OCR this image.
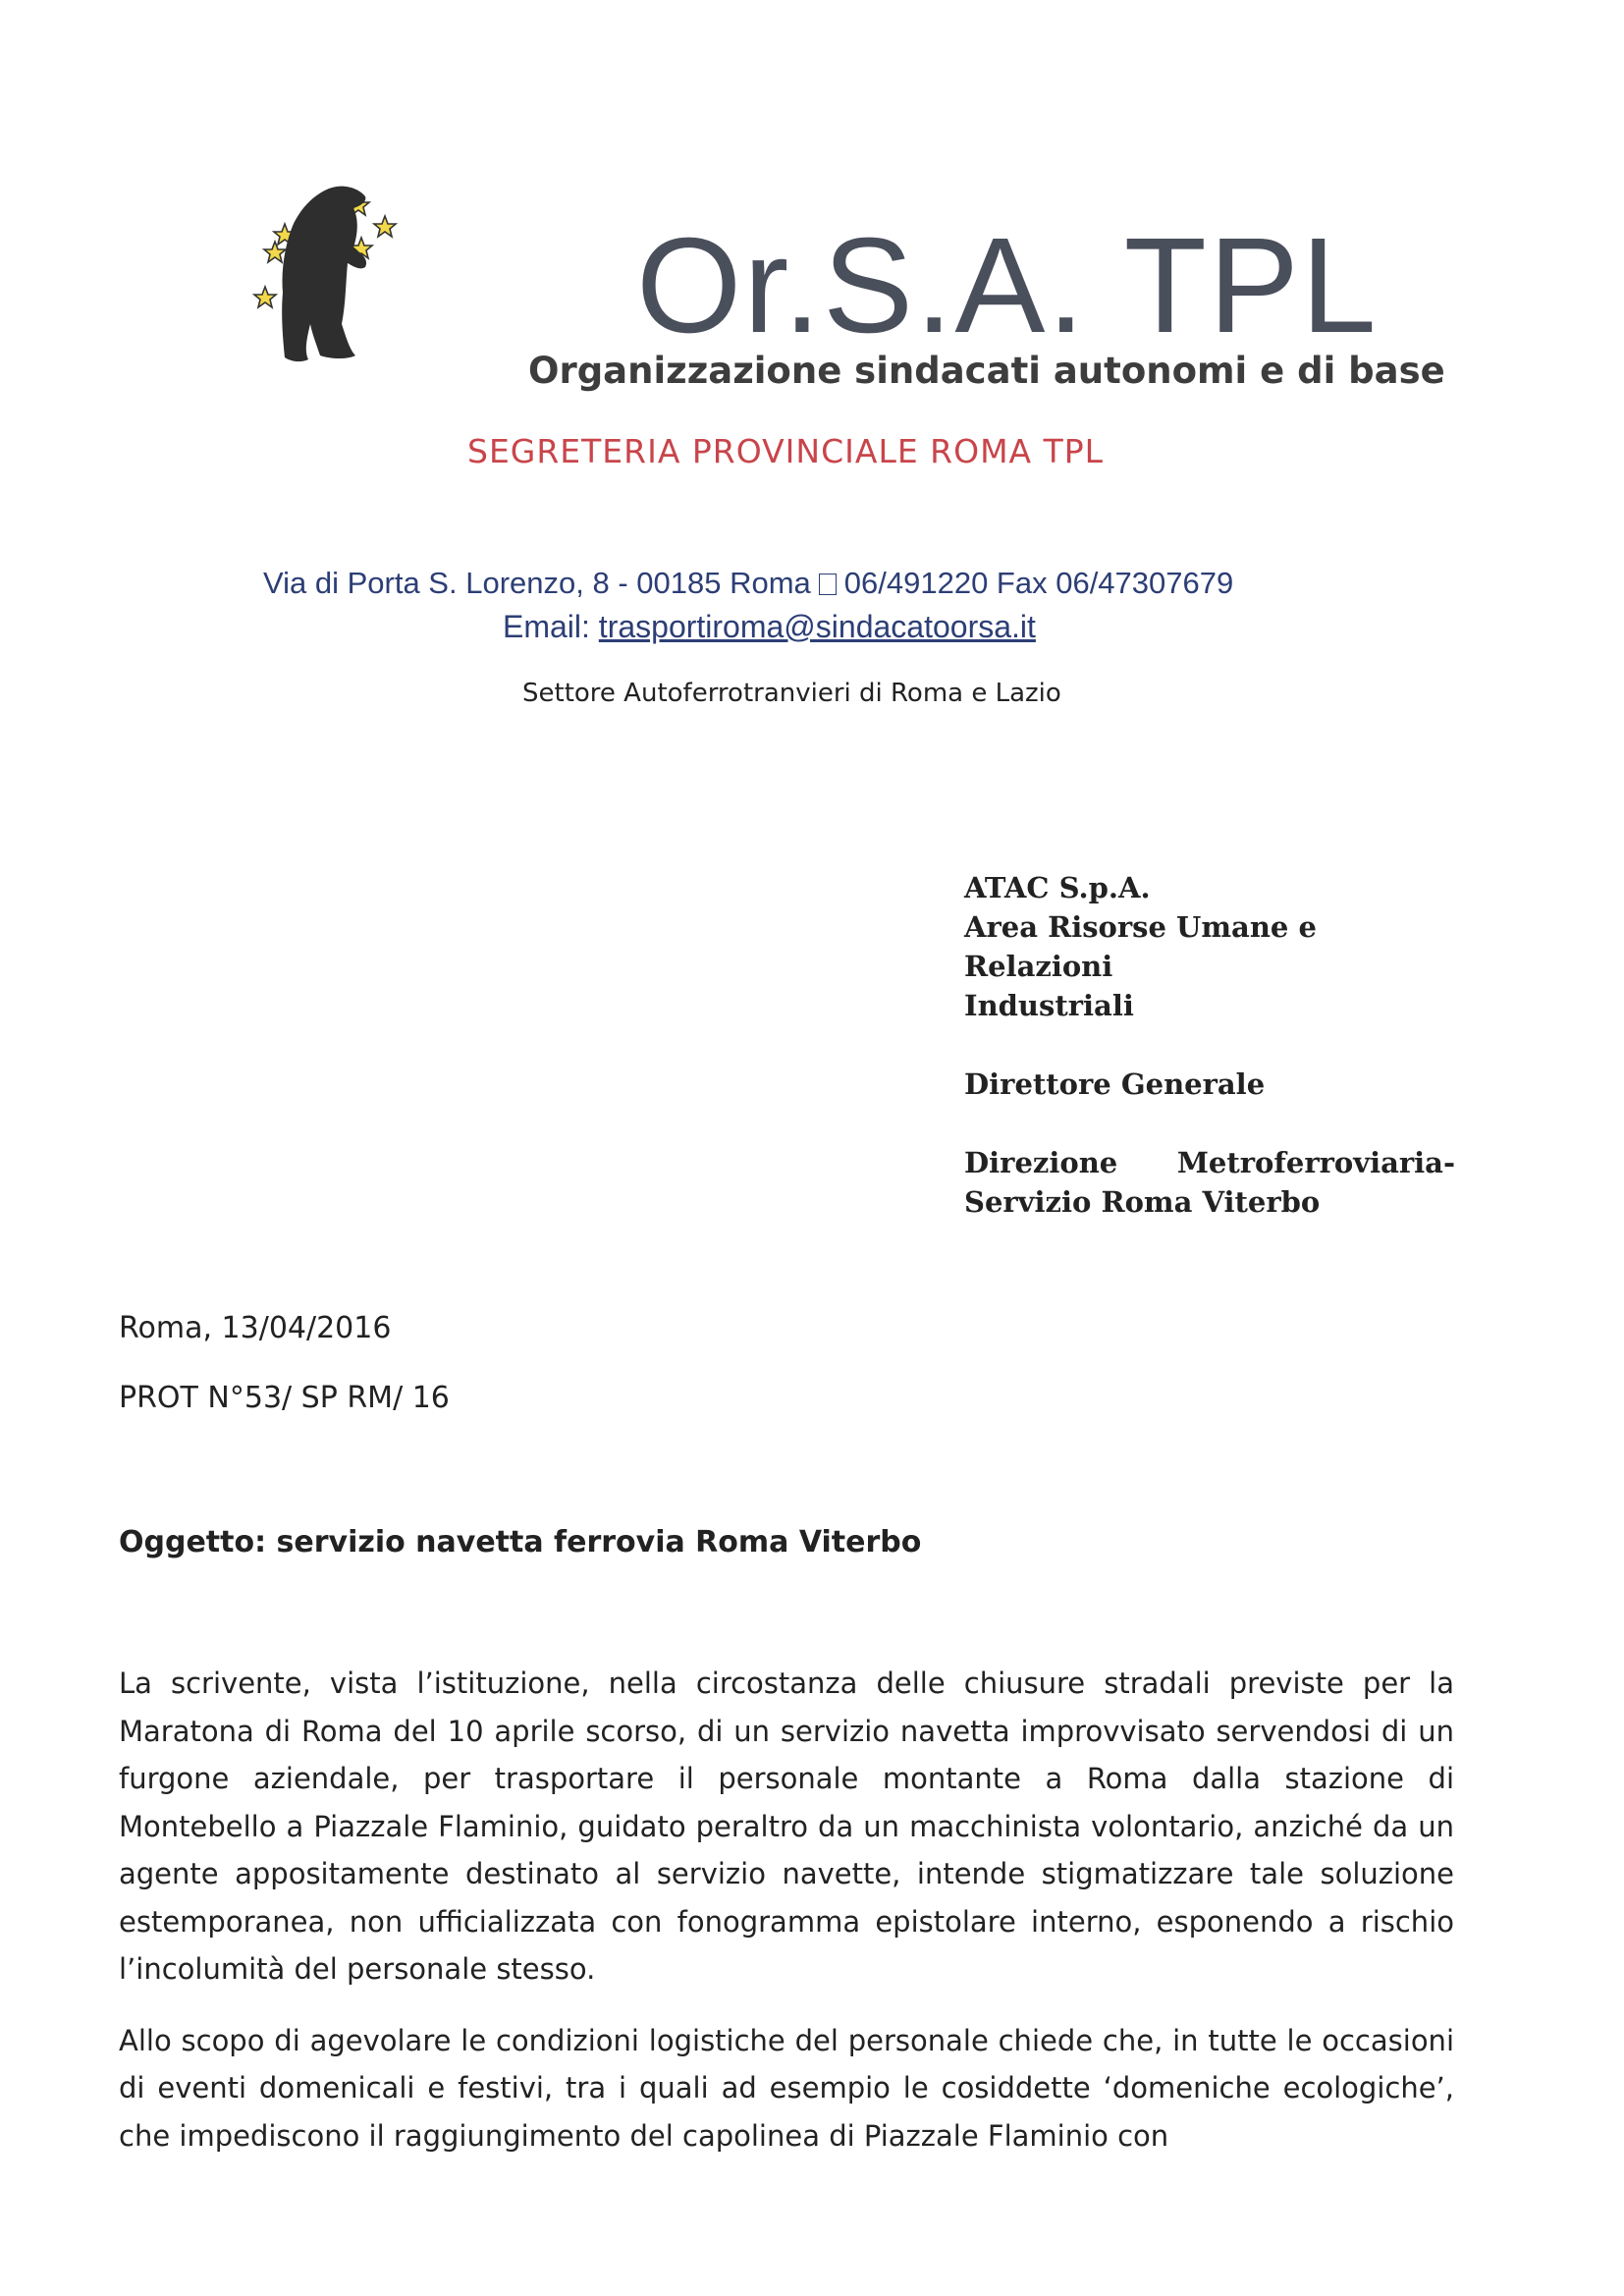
Or.S.A. TPL
Organizzazione sindacati autonomi e di base
SEGRETERIA PROVINCIALE ROMA TPL
Via di Porta S. Lorenzo, 8 - 00185 Roma 06/491220 Fax 06/47307679
Email: trasportiroma@sindacatoorsa.it
Settore Autoferrotranvieri di Roma e Lazio

ATAC S.p.A.

Area Risorse Umane e Relazioni

Industriali

Direttore Generale

Direzione Metroferroviaria-

Servizio Roma Viterbo

Roma, 13/04/2016
PROT N°53/ SP RM/ 16
Oggetto: servizio navetta ferrovia Roma Viterbo

La scrivente, vista l’istituzione, nella circostanza delle chiusure stradali previste per la Maratona di Roma del 10 aprile scorso, di un servizio navetta improvvisato servendosi di un furgone aziendale, per trasportare il personale montante a Roma dalla stazione di Montebello a Piazzale Flaminio, guidato peraltro da un macchinista volontario, anziché da un agente appositamente destinato al servizio navette, intende stigmatizzare tale soluzione estemporanea, non ufficializzata con fonogramma epistolare interno, esponendo a rischio l’incolumità del personale stesso.

Allo scopo di agevolare le condizioni logistiche del personale chiede che, in tutte le occasioni di eventi domenicali e festivi, tra i quali ad esempio le cosiddette ‘domeniche ecologiche’, che impediscono il raggiungimento del capolinea di Piazzale Flaminio con
